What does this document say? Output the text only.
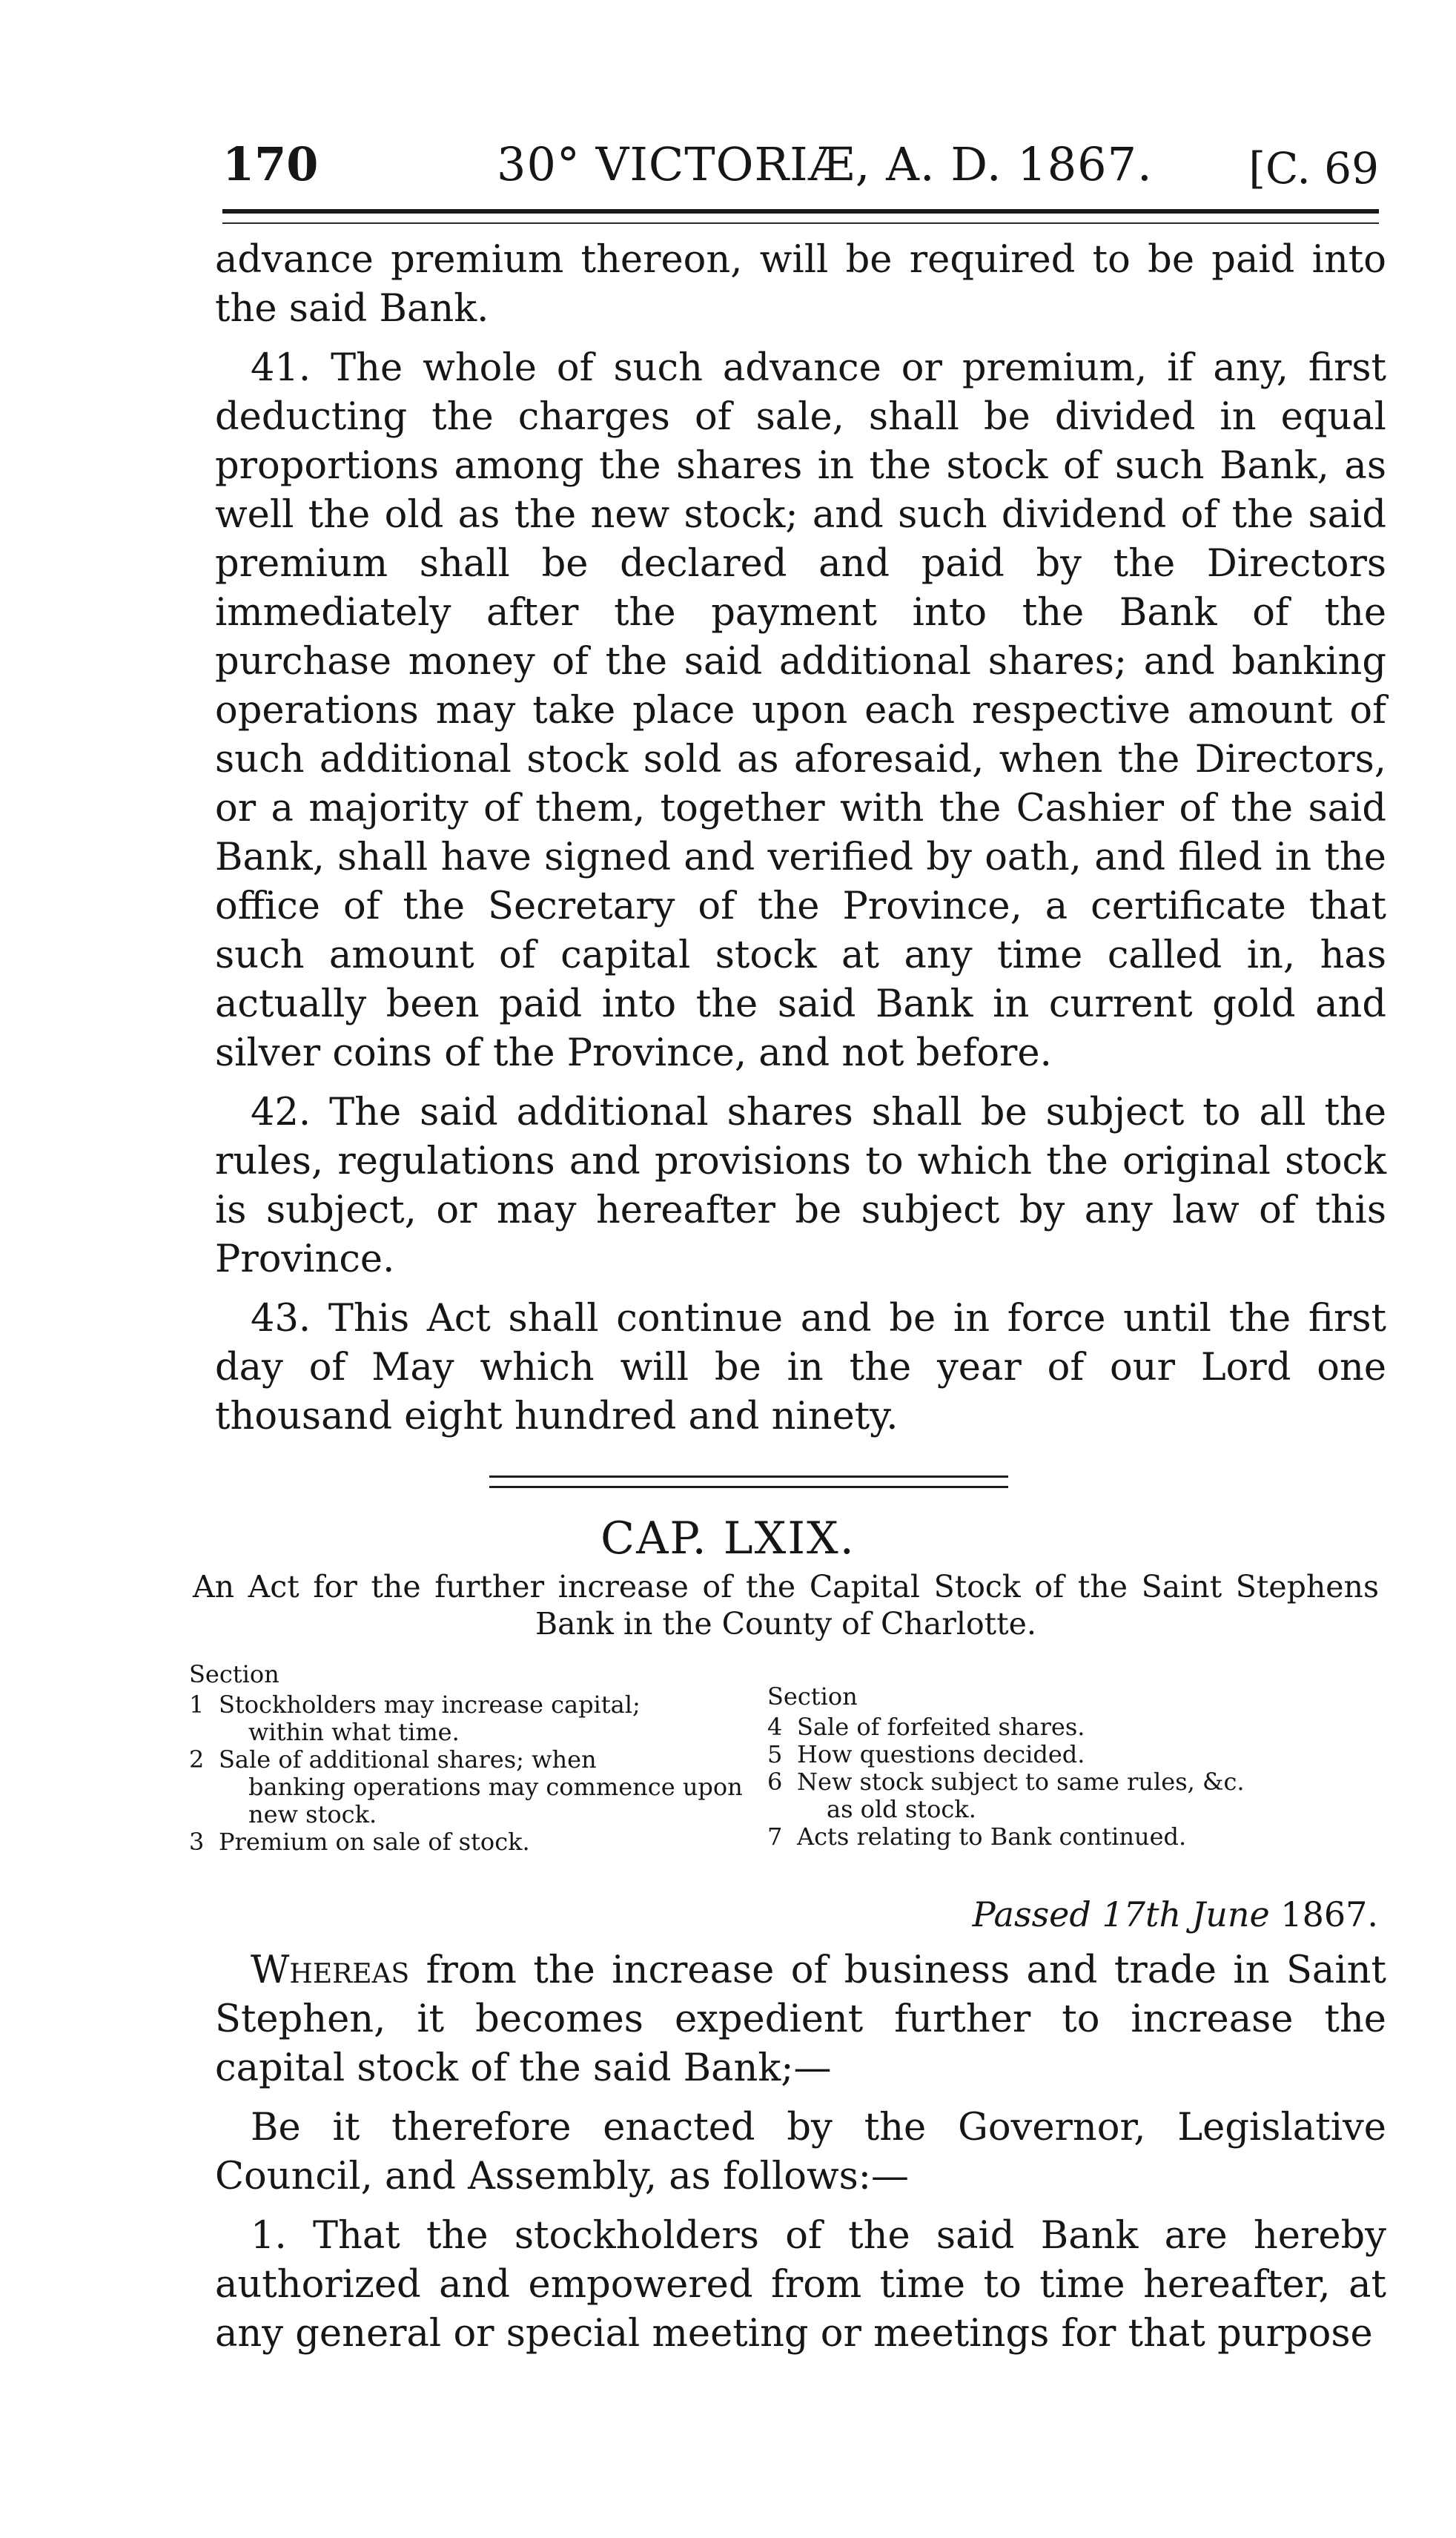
170	30° VICTORIÆ, A. D. 1867. [C. 69

advance premium thereon, will be required to be paid into the said Bank.

41. The whole of such advance or premium, if any, first deducting the charges of sale, shall be divided in equal proportions among the shares in the stock of such Bank, as well the old as the new stock; and such dividend of the said premium shall be declared and paid by the Directors immediately after the payment into the Bank of the purchase money of the said additional shares; and banking operations may take place upon each respective amount of such additional stock sold as aforesaid, when the Directors, or a majority of them, together with the Cashier of the said Bank, shall have signed and verified by oath, and filed in the office of the Secretary of the Province, a certificate that such amount of capital stock at any time called in, has actually been paid into the said Bank in current gold and silver coins of the Province, and not before.

42. The said additional shares shall be subject to all the rules, regulations and provisions to which the original stock is subject, or may hereafter be subject by any law of this Province.

43. This Act shall continue and be in force until the first day of May which will be in the year of our Lord one thousand eight hundred and ninety.

CAP. LXIX.
An Act for the further increase of the Capital Stock of the Saint Stephens Bank in the County of Charlotte.
Section
1 Stockholders may increase capital;
within what time.
2 Sale of additional shares; when
banking operations may commence upon new stock.
3 Premium on sale of stock.
Section
4 Sale of forfeited shares.
5 How questions decided.
6 New stock subject to same rules, &c.
as old stock.
7 Acts relating to Bank continued.
Passed 17th June 1867.

Whereas from the increase of business and trade in Saint Stephen, it becomes expedient further to increase the capital stock of the said Bank;—

Be it therefore enacted by the Governor, Legislative Council, and Assembly, as follows:—

1. That the stockholders of the said Bank are hereby authorized and empowered from time to time hereafter, at any general or special meeting or meetings for that purpose
